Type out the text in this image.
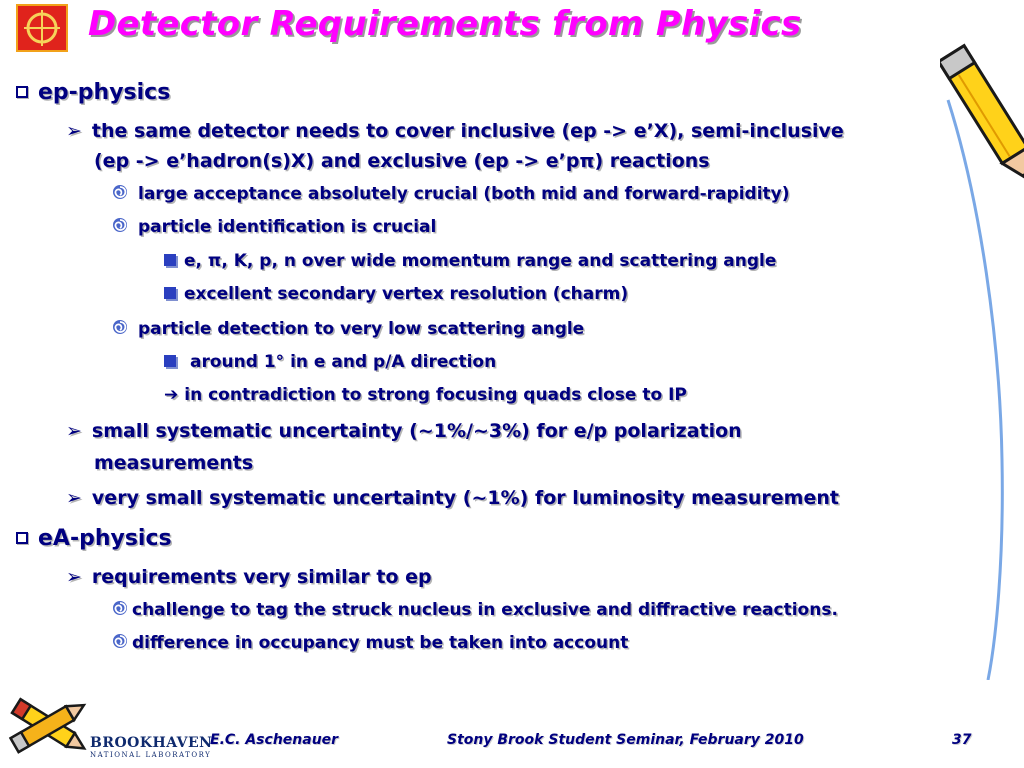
Detector Requirements from Physics
ep-physics
➢ the same detector needs to cover inclusive (ep -> e’X), semi-inclusive
(ep -> e’hadron(s)X) and exclusive (ep -> e’pπ) reactions
large acceptance absolutely crucial (both mid and forward-rapidity)
particle identification is crucial
e, π, K, p, n over wide momentum range and scattering angle
excellent secondary vertex resolution (charm)
particle detection to very low scattering angle
around 1° in e and p/A direction
➔ in contradiction to strong focusing quads close to IP
➢ small systematic uncertainty (~1%/~3%) for e/p polarization
measurements
➢ very small systematic uncertainty (~1%) for luminosity measurement
eA-physics
➢ requirements very similar to ep
challenge to tag the struck nucleus in exclusive and diffractive reactions.
difference in occupancy must be taken into account
BROOKHAVEN
NATIONAL LABORATORY
E.C. Aschenauer	Stony Brook Student Seminar, February 2010	37
